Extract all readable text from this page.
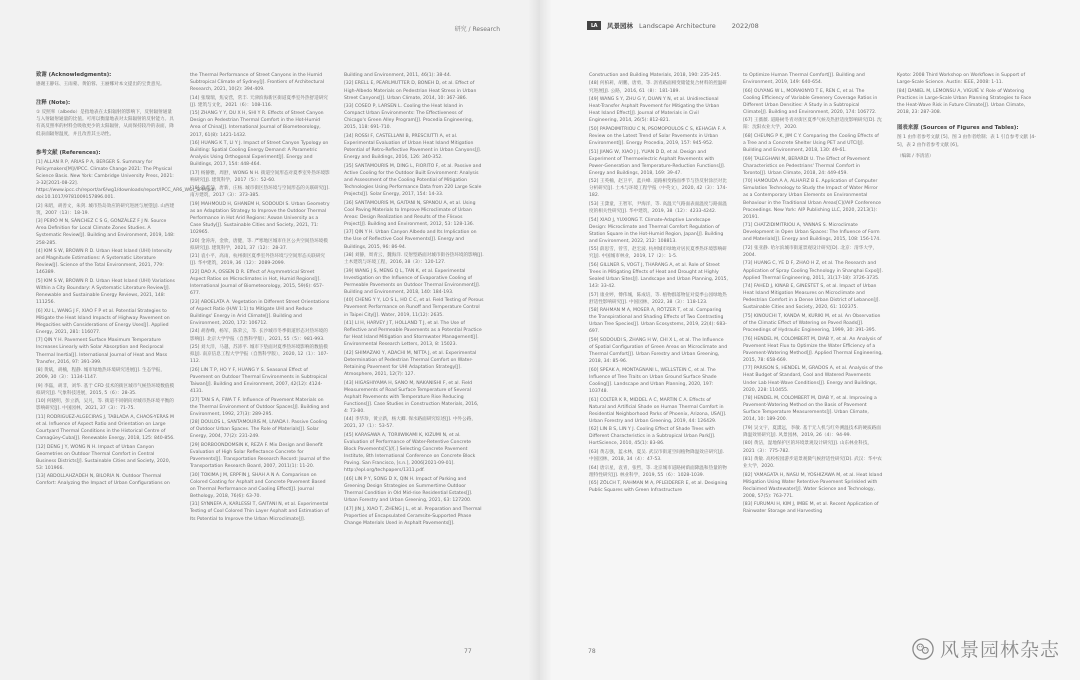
研究 / Research
致谢 (Acknowledgments):

感谢王静钰、王雨蒙、黄铂蓉、王丽娜对本文提出的宝贵意见。

注释 (Note):

① 反照率（albedo）是指地表在太阳辐射的影响下，反射辐射通量与入射辐射通量的比值。可用以衡量地表对太阳辐射的反射能力。具有高反照率的材料会吸收更少的太阳辐射，从而保持较冷的表面，降低表面辐射温度，并且改善其主动性。

参考文献 (References):
[1] ALLAN R P, ARIAS P A, BERGER S. Summary for Policymakers[M]//IPCC. Climate Change 2021: The Physical Science Basis. New York: Cambridge University Press, 2021: 3-32[2021-08-22]. https://www.ipcc.ch/report/ar6/wg1/downloads/report/IPCC_AR6_WGI_SPM.pdf. doi:10.1017/9781009157896.001.
[2] 朱昭，胡善文，朱剑. 城市热岛效应的研究进展与展望[J]. 山西建筑，2007（13）：18-19.
[3] PEIRÓ M N, SÁNCHEZ C S G, GONZÁLEZ F J N. Source Area Definition for Local Climate Zones Studies. A Systematic Review[J]. Building and Environment, 2019, 148: 258-285.
[4] KIM S W, BROWN R D. Urban Heat Island (UHI) Intensity and Magnitude Estimations: A Systematic Literature Review[J]. Science of the Total Environment, 2021, 779: 146389.
[5] KIM S W, BROWN R D. Urban Heat Island (UHI) Variations Within a City Boundary: A Systematic Literature Review[J]. Renewable and Sustainable Energy Reviews, 2021, 148: 111256.
[6] XU L, WANG J F, XIAO F P et al. Potential Strategies to Mitigate the Heat Island Impacts of Highway Pavement on Megacities with Considerations of Energy Uses[J]. Applied Energy, 2021, 281: 116077.
[7] QIN Y H. Pavement Surface Maximum Temperature Increases Linearly with Solar Absorption and Reciprocal Thermal Inertia[J]. International Journal of Heat and Mass Transfer, 2016, 97: 391-399.
[8] 黄斌，胡楠，程静. 城市绿地热环境研究进展[J]. 生态学报，2009, 30（3）：1134-1147.
[9] 李磊，胡非，刘华. 基于 CFD 技术的街区城市气候热环境数值模拟研究[J]. 气象科技进展，2015, 5（6）：28-35.
[10] 何晓明，彭立新，吴凡，等. 街道不同朝向对城市热环境平衡的影响研究[J]. 中国园林，2021, 37（3）：71-75.
[11] RODRIGUEZ-ALGECIRAS J, TABLADA A, CHAOS-YERAS M et al. Influence of Aspect Ratio and Orientation on Large Courtyard Thermal Conditions in the Historical Centre of Camagüey-Cuba[J]. Renewable Energy, 2018, 125: 840-856.
[12] DENG J Y, WONG N H. Impact of Urban Canyon Geometries on Outdoor Thermal Comfort in Central Business Districts[J]. Sustainable Cities and Society, 2020, 53: 101966.
[13] ABDOLLAHZADEH N, BILORIA N. Outdoor Thermal Comfort: Analyzing the Impact of Urban Configurations on
the Thermal Performance of Street Canyons in the Humid Subtropical Climate of Sydney[J]. Frontiers of Architectural Research, 2021, 10(2): 394-409.
[14] 张瑞瑞，焦安营，常丰. 天津滨海新区街道夏季室外热舒适研究[J]. 建筑与文化，2021（6）：108-116.
[15] ZHANG Y Y, DU X H, SHI Y R. Effects of Street Canyon Design on Pedestrian Thermal Comfort in the Hot-Humid Area of China[J]. International Journal of Biometeorology, 2017, 61(8): 1421-1432.
[16] HUANG K T, LI Y J. Impact of Street Canyon Typology on Building: Spatial Cooling Energy Demand: A Parametric Analysis Using Orthogonal Experiment[J]. Energy and Buildings, 2017, 154: 448-464.
[17] 杨静雅，周舒，WONG N H. 街道空间形态对夏季室外热环境影响研究[J]. 建筑科学，2017（5）：52-60.
[18] 曾鑫莹，唐新，庄杨. 城市街区热环境与空间形态的关联研究[J]. 南方建筑，2017（3）：373-385.
[19] MAHMOUD H, GHANEM H, SODOUDI S. Urban Geometry as an Adaptation Strategy to Improve the Outdoor Thermal Performance in Hot Arid Regions: Aswan University as a Case Study[J]. Sustainable Cities and Society, 2021, 71: 102965.
[20] 金涛涛，金欣，唐健，等. 严寒地区城市住区公共空间热环境模拟研究[J]. 建筑科学，2021, 37（12）：28-37.
[21] 袁小平，高雨，杭州街区夏季室外热环境与空间形态关联研究[J]. 华中建筑，2019, 36（12）：2089-2099.
[22] DAO A, OSSEN D R. Effect of Asymmetrical Street Aspect Ratios on Microclimates in Hot, Humid Regions[J]. International Journal of Biometeorology, 2015, 59(6): 657-677.
[23] ABOELATA A. Vegetation in Different Street Orientations of Aspect Ratio (H/W 1:1) to Mitigate UHI and Reduce Buildings' Energy in Arid Climate[J]. Building and Environment, 2020, 172: 106712.
[24] 胡春峰，杨军，陈荣云，等. 长沙城市冬季街道形态对热环境的影响[J]. 北京大学学报（自然科学版），2021, 55（5）：981-993.
[25] 刘大洋，马越，苏沛平. 城市下垫面对夏季热环境影响的数值模拟[J]. 南京信息工程大学学报（自然科学版），2020, 12（1）：107-112.
[26] LIN T P, HO Y F, HUANG Y S. Seasonal Effect of Pavement on Outdoor Thermal Environments in Subtropical Taiwan[J]. Building and Environment, 2007, 42(12): 4124-4131.
[27] TAN S A, FWA T F. Influence of Pavement Materials on the Thermal Environment of Outdoor Spaces[J]. Building and Environment, 1992, 27(3): 289-295.
[28] DOULOS L, SANTAMOURIS M, LIVADA I. Passive Cooling of Outdoor Urban Spaces. The Role of Materials[J]. Solar Energy, 2004, 77(2): 231-249.
[29] BORBOONDOMSIN K, REZA F. Mix Design and Benefit Evaluation of High Solar Reflectance Concrete for Pavements[J]. Transportation Research Record: Journal of the Transportation Research Board, 2007, 2011(1): 11-20.
[30] TOKIMA J M, ERPFIN J, SHAH A N A. Comparison on Colored Coating for Asphalt and Concrete Pavement Based on Thermal Performance and Cooling Effect[J]. Journal Bethology, 2018, 76(6): 63-70.
[31] SYNNEFA A, KARLESSI T, GAITANI N, et al. Experimental Testing of Cool Colored Thin Layer Asphalt and Estimation of Its Potential to Improve the Urban Microclimate[J].
Building and Environment, 2011, 46(1): 38-44.
[32] ERELL E, PEARLMUTTER D, BONEH D, et al. Effect of High-Albedo Materials on Pedestrian Heat Stress in Urban Street Canyons[J]. Urban Climate, 2014, 10: 367-386.
[33] COSEO P, LARSEN L. Cooling the Heat Island in Compact Urban Environments: The Effectiveness of Chicago's Green Alley Program[J]. Procedia Engineering, 2015, 118: 691-710.
[34] ROSSI F, CASTELLANI B, PRESCIUTTI A, et al. Experimental Evaluation of Urban Heat Island Mitigation Potential of Retro-Reflective Pavement in Urban Canyons[J]. Energy and Buildings, 2016, 126: 340-352.
[35] SANTAMOURIS M, DING L, FIORITO F, et al. Passive and Active Cooling for the Outdoor Built Environment: Analysis and Assessment of the Cooling Potential of Mitigation Technologies Using Performance Data from 220 Large Scale Projects[J]. Solar Energy, 2017, 154: 14-33.
[36] SANTAMOURIS M, GAITANI N, SPANOU A, et al. Using Cool Paving Materials to Improve Microclimate of Urban Areas: Design Realization and Results of the Flisvos Project[J]. Building and Environment, 2012, 53: 128-136.
[37] QIN Y H. Urban Canyon Albedo and Its Implication on the Use of Reflective Cool Pavements[J]. Energy and Buildings, 2015, 96: 86-94.
[38] 刘静，周青云，魏海洋. 反射型路面对城市街谷热环境的影响[J]. 土木建筑与环境工程，2016, 38（3）：120-127.
[39] WANG J S, MENG Q L, TAN K, et al. Experimental Investigation on the Influence of Evaporative Cooling of Permeable Pavements on Outdoor Thermal Environment[J]. Building and Environment, 2018, 140: 184-193.
[40] CHENG Y Y, LO S L, HO C C, et al. Field Testing of Porous Pavement Performance on Runoff and Temperature Control in Taipei City[J]. Water, 2019, 11(12): 2635.
[41] LI H, HARVEY J T, HOLLAND T J, et al. The Use of Reflective and Permeable Pavements as a Potential Practice for Heat Island Mitigation and Stormwater Management[J]. Environmental Research Letters, 2013, 8: 15023.
[42] SHIMAZAKI Y, ADACHI M, NITTA J, et al. Experimental Determination of Pedestrian Thermal Comfort on Water-Retaining Pavement for UHI Adaptation Strategy[J]. Atmosphere, 2021, 12(7): 127.
[43] HIGASHIYAMA H, SANO M, NAKANISHI F, et al. Field Measurements of Road Surface Temperature of Several Asphalt Pavements with Temperature Rise Reducing Functions[J]. Case Studies in Construction Materials, 2016, 4: 73-80.
[44] 李华珍，黄立新，杨大卿. 保水路面研究综述[J]. 中外公路，2021, 37（1）：53-57.
[45] KARASAWA A, TORIIWIKAMI K, KIZUMI N, et al. Evaluation of Performance of Water-Retentive Concrete Block Pavements[C]//[.] Selecting Concrete Pavement Institute, 8th International Conference on Concrete Block Paving. San Francisco, [s.n.], 2006[2021-09-01]. http://epl.org/techpapers/1311.pdf.
[46] LIN P Y, SONG D X, QIN H. Impact of Parking and Greening Design Strategies on Summertime Outdoor Thermal Condition in Old Mid-rise Residential Estates[J]. Urban Forestry and Urban Greening, 2021, 63: 127200.
[47] JIN J, XIAO T, ZHENG J L, et al. Preparation and Thermal Properties of Encapsulated Ceramsite-Supported Phase Change Materials Used in Asphalt Pavements[J].
77
LA	风景园林 Landscape Architecture 2022/08
Construction and Building Materials, 2018, 190: 235-245.
[48] 何柏莉，胡鹏，唐勇，等. 沥青路面相变储能复合材料的控温研究进展[J]. 公路，2016, 61（8）：181-189.
[49] WANG S Y, ZHU G Y, DUAN Y N, et al. Unidirectional Heat-Transfer Asphalt Pavement for Mitigating the Urban Heat Island Effect[J]. Journal of Materials in Civil Engineering, 2014, 26(5): 812-821.
[50] PAPADIMITRIOU C N, PSOMOPOULOS C S, KEHAGIA F. A Review on the Latest Trend of Solar Pavements in Urban Environment[J]. Energy Procedia, 2019, 157: 945-952.
[51] JIANG W, XIAO J J, YUAN D D, et al. Design and Experiment of Thermoelectric Asphalt Pavements with Power-Generation and Temperature-Reduction Functions[J]. Energy and Buildings, 2018, 169: 39-47.
[52] 王英楠，赵卫平，蓝兵峰. 道路相变路面季节与热反射涂层对比分析研究[J]. 土木与环境工程学报（中英文），2020, 42（3）：174-182.
[53] 王潇童，王智军，尹海洋，等. 高温天气路面表面温度与路面温度的相关性研究[J]. 华中建筑，2019, 38（12）：4233-4242.
[54] XIAO J, YUXIONG T. Climate-Adaptive Landscape Design: Microclimate and Thermal Comfort Regulation of Station Square in the Hot-Humid Region, Japan[J]. Building and Environment, 2022, 212: 108813.
[55] 薛思雪，曾雪，赵宏波. 杭州城市绿地对居民夏季热环境影响研究[J]. 中国城市林业，2019, 17（2）：1-5.
[56] GILLNER S, VOGT J, THARANG A, et al. Role of Street Trees in Mitigating Effects of Heat and Drought at Highly Sealed Urban Sites[J]. Landscape and Urban Planning, 2015, 143: 33-42.
[57] 康业婷，傅伟城，陈成培，等. 植物群落物征对夏季公园绿地热舒适性影响研究[J]. 中国园林，2022, 38（3）：118-123.
[58] RAHMAN M A, MOSER A, RÖTZER T, et al. Comparing the Transpirational and Shading Effects of Two Contrasting Urban Tree Species[J]. Urban Ecosystems, 2019, 22(4): 683-697.
[59] SODOUDI S, ZHANG H W, CHI X L, et al. The Influence of Spatial Configuration of Green Areas on Microclimate and Thermal Comfort[J]. Urban Forestry and Urban Greening, 2018, 34: 85-96.
[60] SPEAK A, MONTAGNANI L, WELLSTEIN C, et al. The Influence of Tree Traits on Urban Ground Surface Shade Cooling[J]. Landscape and Urban Planning, 2020, 197: 103748.
[61] COLTER K R, MIDDEL A C, MARTIN C A. Effects of Natural and Artificial Shade on Human Thermal Comfort in Residential Neighborhood Parks of Phoenix, Arizona, USA[J]. Urban Forestry and Urban Greening, 2019, 44: 126429.
[62] LIN B S, LIN Y J. Cooling Effect of Shade Trees with Different Characteristics in a Subtropical Urban Park[J]. HortScience, 2010, 45(1): 83-86.
[63] 黄志强，蓝永林，夏吴. 武汉市街道空间植物降温效应研究[J]. 中国园林，2018, 34（4）：47-53.
[64] 唐宗星，袁青，张哲，等. 北京城市道路树荫面降温和热量的物理特性研究[J]. 林业科学，2019, 55（6）：1028-1039.
[65] ZÖLCH T, RAHMAN M A, PFLEIDERER E, et al. Designing Public Squares with Green Infrastructure
to Optimize Human Thermal Comfort[J]. Building and Environment, 2019, 149: 640-654.
[66] OUYANG W L, MORAKINYO T E, REN C, et al. The Cooling Efficiency of Variable Greenery Coverage Ratios in Different Urban Densities: A Study in a Subtropical Climate[J]. Building and Environment, 2020, 174: 106772.
[67] 王薇薇. 道路树冬青对街区夏季气候及热舒适度影响研究[D]. 沈阳：沈阳农业大学，2020.
[68] CHEUNG P K, JIM C Y. Comparing the Cooling Effects of a Tree and a Concrete Shelter Using PET and UTCI[J]. Building and Environment, 2018, 130: 49-61.
[69] TALEGHANI M, BERARDI U. The Effect of Pavement Characteristics on Pedestrians' Thermal Comfort in Toronto[J]. Urban Climate, 2018, 24: 449-459.
[70] HAMOUDA A A, ALHAFIZ B E. Application of Computer Simulation Technology to Study the Impact of Water Mirror as a Contemporary Urban Elements on Environmental Behaviour in the Traditional Urban Areas[C]//AIP Conference Proceedings. New York: AIP Publishing LLC, 2020, 2213(1): 20191.
[71] CHATZIDIMITRIOU A, YANNAS S. Microclimate Development in Open Urban Spaces: The Influence of Form and Materials[J]. Energy and Buildings, 2015, 108: 156-174.
[72] 张亚静. 哈尔滨城市街道景观设计研究[D]. 北京：清华大学，2004.
[73] HUANG C, YE D F, ZHAO H Z, et al. The Research and Application of Spray Cooling Technology in Shanghai Expo[J]. Applied Thermal Engineering, 2011, 31(17-18): 3726-3735.
[74] FAHED J, KINAB E, GINESTET S, et al. Impact of Urban Heat Island Mitigation Measures on Microclimate and Pedestrian Comfort in a Dense Urban District of Lebanon[J]. Sustainable Cities and Society, 2020, 61: 102375.
[75] KINOUCHI T, KANDA M, KURIKI M, et al. An Observation of the Climatic Effect of Watering on Paved Roads[J]. Proceedings of Hydraulic Engineering, 1999, 30: 391-395.
[76] HENDEL M, COLOMBERT M, DIAB Y, et al. An Analysis of Pavement Heat Flux to Optimize the Water Efficiency of a Pavement-Watering Method[J]. Applied Thermal Engineering, 2015, 78: 658-669.
[77] PARISON S, HENDEL M, GRADOS A, et al. Analysis of the Heat Budget of Standard, Cool and Watered Pavements Under Lab Heat-Wave Conditions[J]. Energy and Buildings, 2020, 228: 110455.
[78] HENDEL M, COLOMBERT M, DIAB Y, et al. Improving a Pavement-Watering Method on the Basis of Pavement Surface Temperature Measurements[J]. Urban Climate, 2014, 10: 189-200.
[79] 吴文宇，夏潇远，李敏. 基于无人机与红外测温技术的硬质路面降温效果研究[J]. 风景园林，2019, 26（4）：94-99.
[80] 黄洁，湿地保护区的环境景观设计研究[J]. 山东林业科技，2021（3）：775-782.
[81] 黄敏. 高校校园游步道景观微气候舒适性研究[D]. 武汉：华中农业大学，2020.
[82] YAMAGATA H, NASU M, YOSHIZAWA M, et al. Heat Island Mitigation Using Water Retentive Pavement Sprinkled with Reclaimed Wastewater[J]. Water Science and Technology, 2008, 57(5): 763-771.
[83] FURUMAI H, KIM J, IMBE M, et al. Recent Application of Rainwater Storage and Harvesting
Kyoto: 2008 Third Workshop on Workflows in Support of Large-Scale Science. Austin: IEEE, 2008: 1-11.
[84] DANIEL M, LEMONSU A, VIGUIÉ V. Role of Watering Practices in Large-Scale Urban Planning Strategies to Face the Heat-Wave Risk in Future Climate[J]. Urban Climate, 2018, 23: 287-308.
图表来源 (Sources of Figures and Tables):

图 1 由作者参考文献 [5]、图 3 由作者绘制；表 1 引自参考文献 [4-5]，表 2 由作者参考文献 [6]。

（编辑 / 李清清）

78	风景园林杂志
